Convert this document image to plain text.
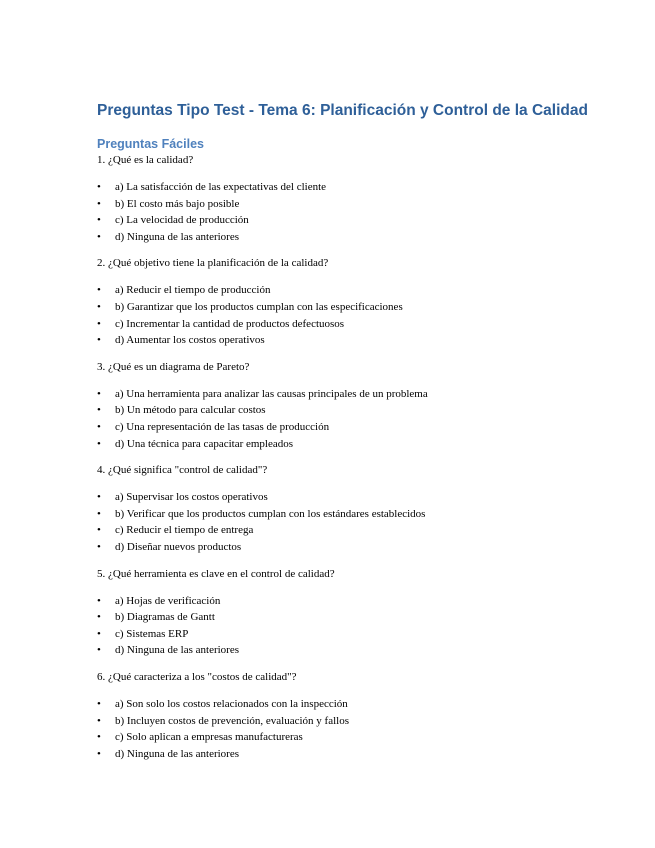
Preguntas Tipo Test - Tema 6: Planificación y Control de la Calidad
Preguntas Fáciles

1. ¿Qué es la calidad?

• a) La satisfacción de las expectativas del cliente
• b) El costo más bajo posible
• c) La velocidad de producción
• d) Ninguna de las anteriores

2. ¿Qué objetivo tiene la planificación de la calidad?

• a) Reducir el tiempo de producción
• b) Garantizar que los productos cumplan con las especificaciones
• c) Incrementar la cantidad de productos defectuosos
• d) Aumentar los costos operativos

3. ¿Qué es un diagrama de Pareto?

• a) Una herramienta para analizar las causas principales de un problema
• b) Un método para calcular costos
• c) Una representación de las tasas de producción
• d) Una técnica para capacitar empleados

4. ¿Qué significa "control de calidad"?

• a) Supervisar los costos operativos
• b) Verificar que los productos cumplan con los estándares establecidos
• c) Reducir el tiempo de entrega
• d) Diseñar nuevos productos

5. ¿Qué herramienta es clave en el control de calidad?

• a) Hojas de verificación
• b) Diagramas de Gantt
• c) Sistemas ERP
• d) Ninguna de las anteriores

6. ¿Qué caracteriza a los "costos de calidad"?

• a) Son solo los costos relacionados con la inspección
• b) Incluyen costos de prevención, evaluación y fallos
• c) Solo aplican a empresas manufactureras
• d) Ninguna de las anteriores
